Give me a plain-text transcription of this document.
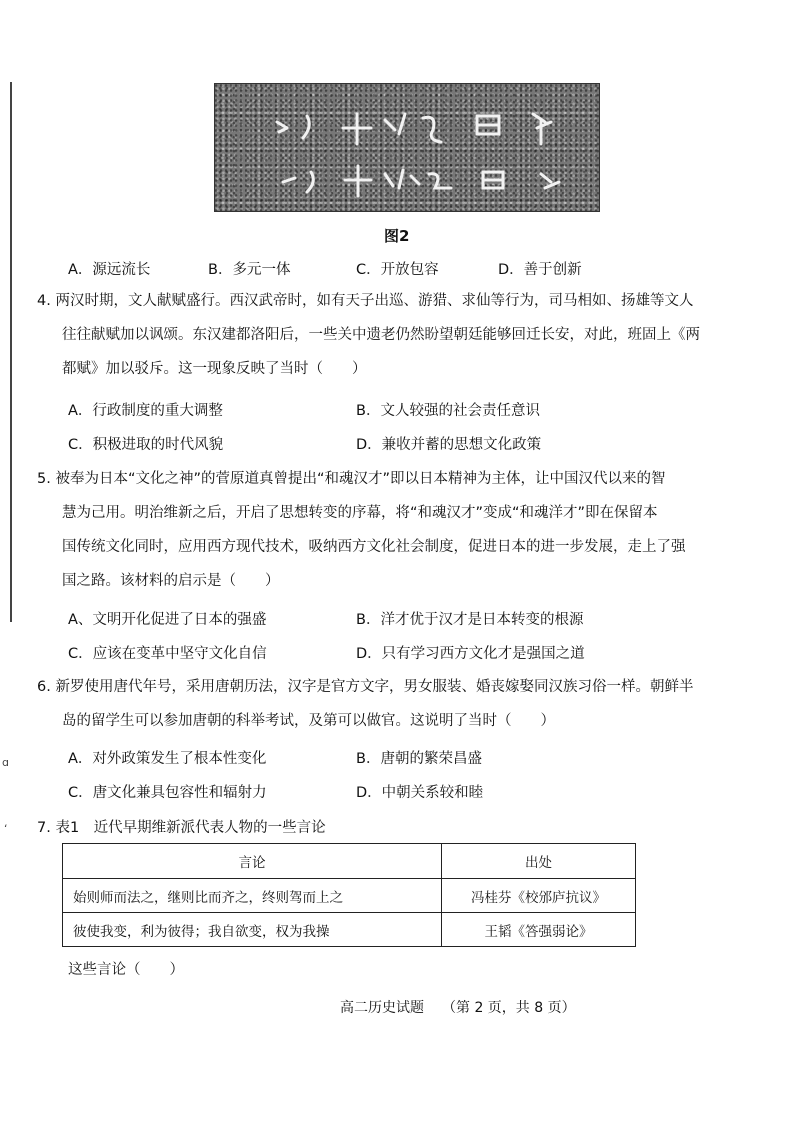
ɑ
ʻ
图2
A．源远流长	B．多元一体	C．开放包容	D．善于创新

4. 两汉时期，文人献赋盛行。西汉武帝时，如有天子出巡、游猎、求仙等行为，司马相如、扬雄等文人

往往献赋加以讽颂。东汉建都洛阳后，一些关中遗老仍然盼望朝廷能够回迁长安，对此，班固上《两

都赋》加以驳斥。这一现象反映了当时（　　）

A．行政制度的重大调整	B．文人较强的社会责任意识
C．积极进取的时代风貌	D．兼收并蓄的思想文化政策

5. 被奉为日本“文化之神”的菅原道真曾提出“和魂汉才”即以日本精神为主体，让中国汉代以来的智

慧为己用。明治维新之后，开启了思想转变的序幕，将“和魂汉才”变成“和魂洋才”即在保留本

国传统文化同时，应用西方现代技术，吸纳西方文化社会制度，促进日本的进一步发展，走上了强

国之路。该材料的启示是（　　）

A、文明开化促进了日本的强盛	B．洋才优于汉才是日本转变的根源
C．应该在变革中坚守文化自信	D．只有学习西方文化才是强国之道

6. 新罗使用唐代年号，采用唐朝历法，汉字是官方文字，男女服装、婚丧嫁娶同汉族习俗一样。朝鲜半

岛的留学生可以参加唐朝的科举考试，及第可以做官。这说明了当时（　　）

A．对外政策发生了根本性变化	B．唐朝的繁荣昌盛
C．唐文化兼具包容性和辐射力	D．中朝关系较和睦
7. 表1　近代早期维新派代表人物的一些言论
言论	出处
始则师而法之，继则比而齐之，终则驾而上之	冯桂芬《校邠庐抗议》
彼使我变，利为彼得；我自欲变，权为我操	王韬《答强弱论》
这些言论（　　）
高二历史试题 （第 2 页，共 8 页）
